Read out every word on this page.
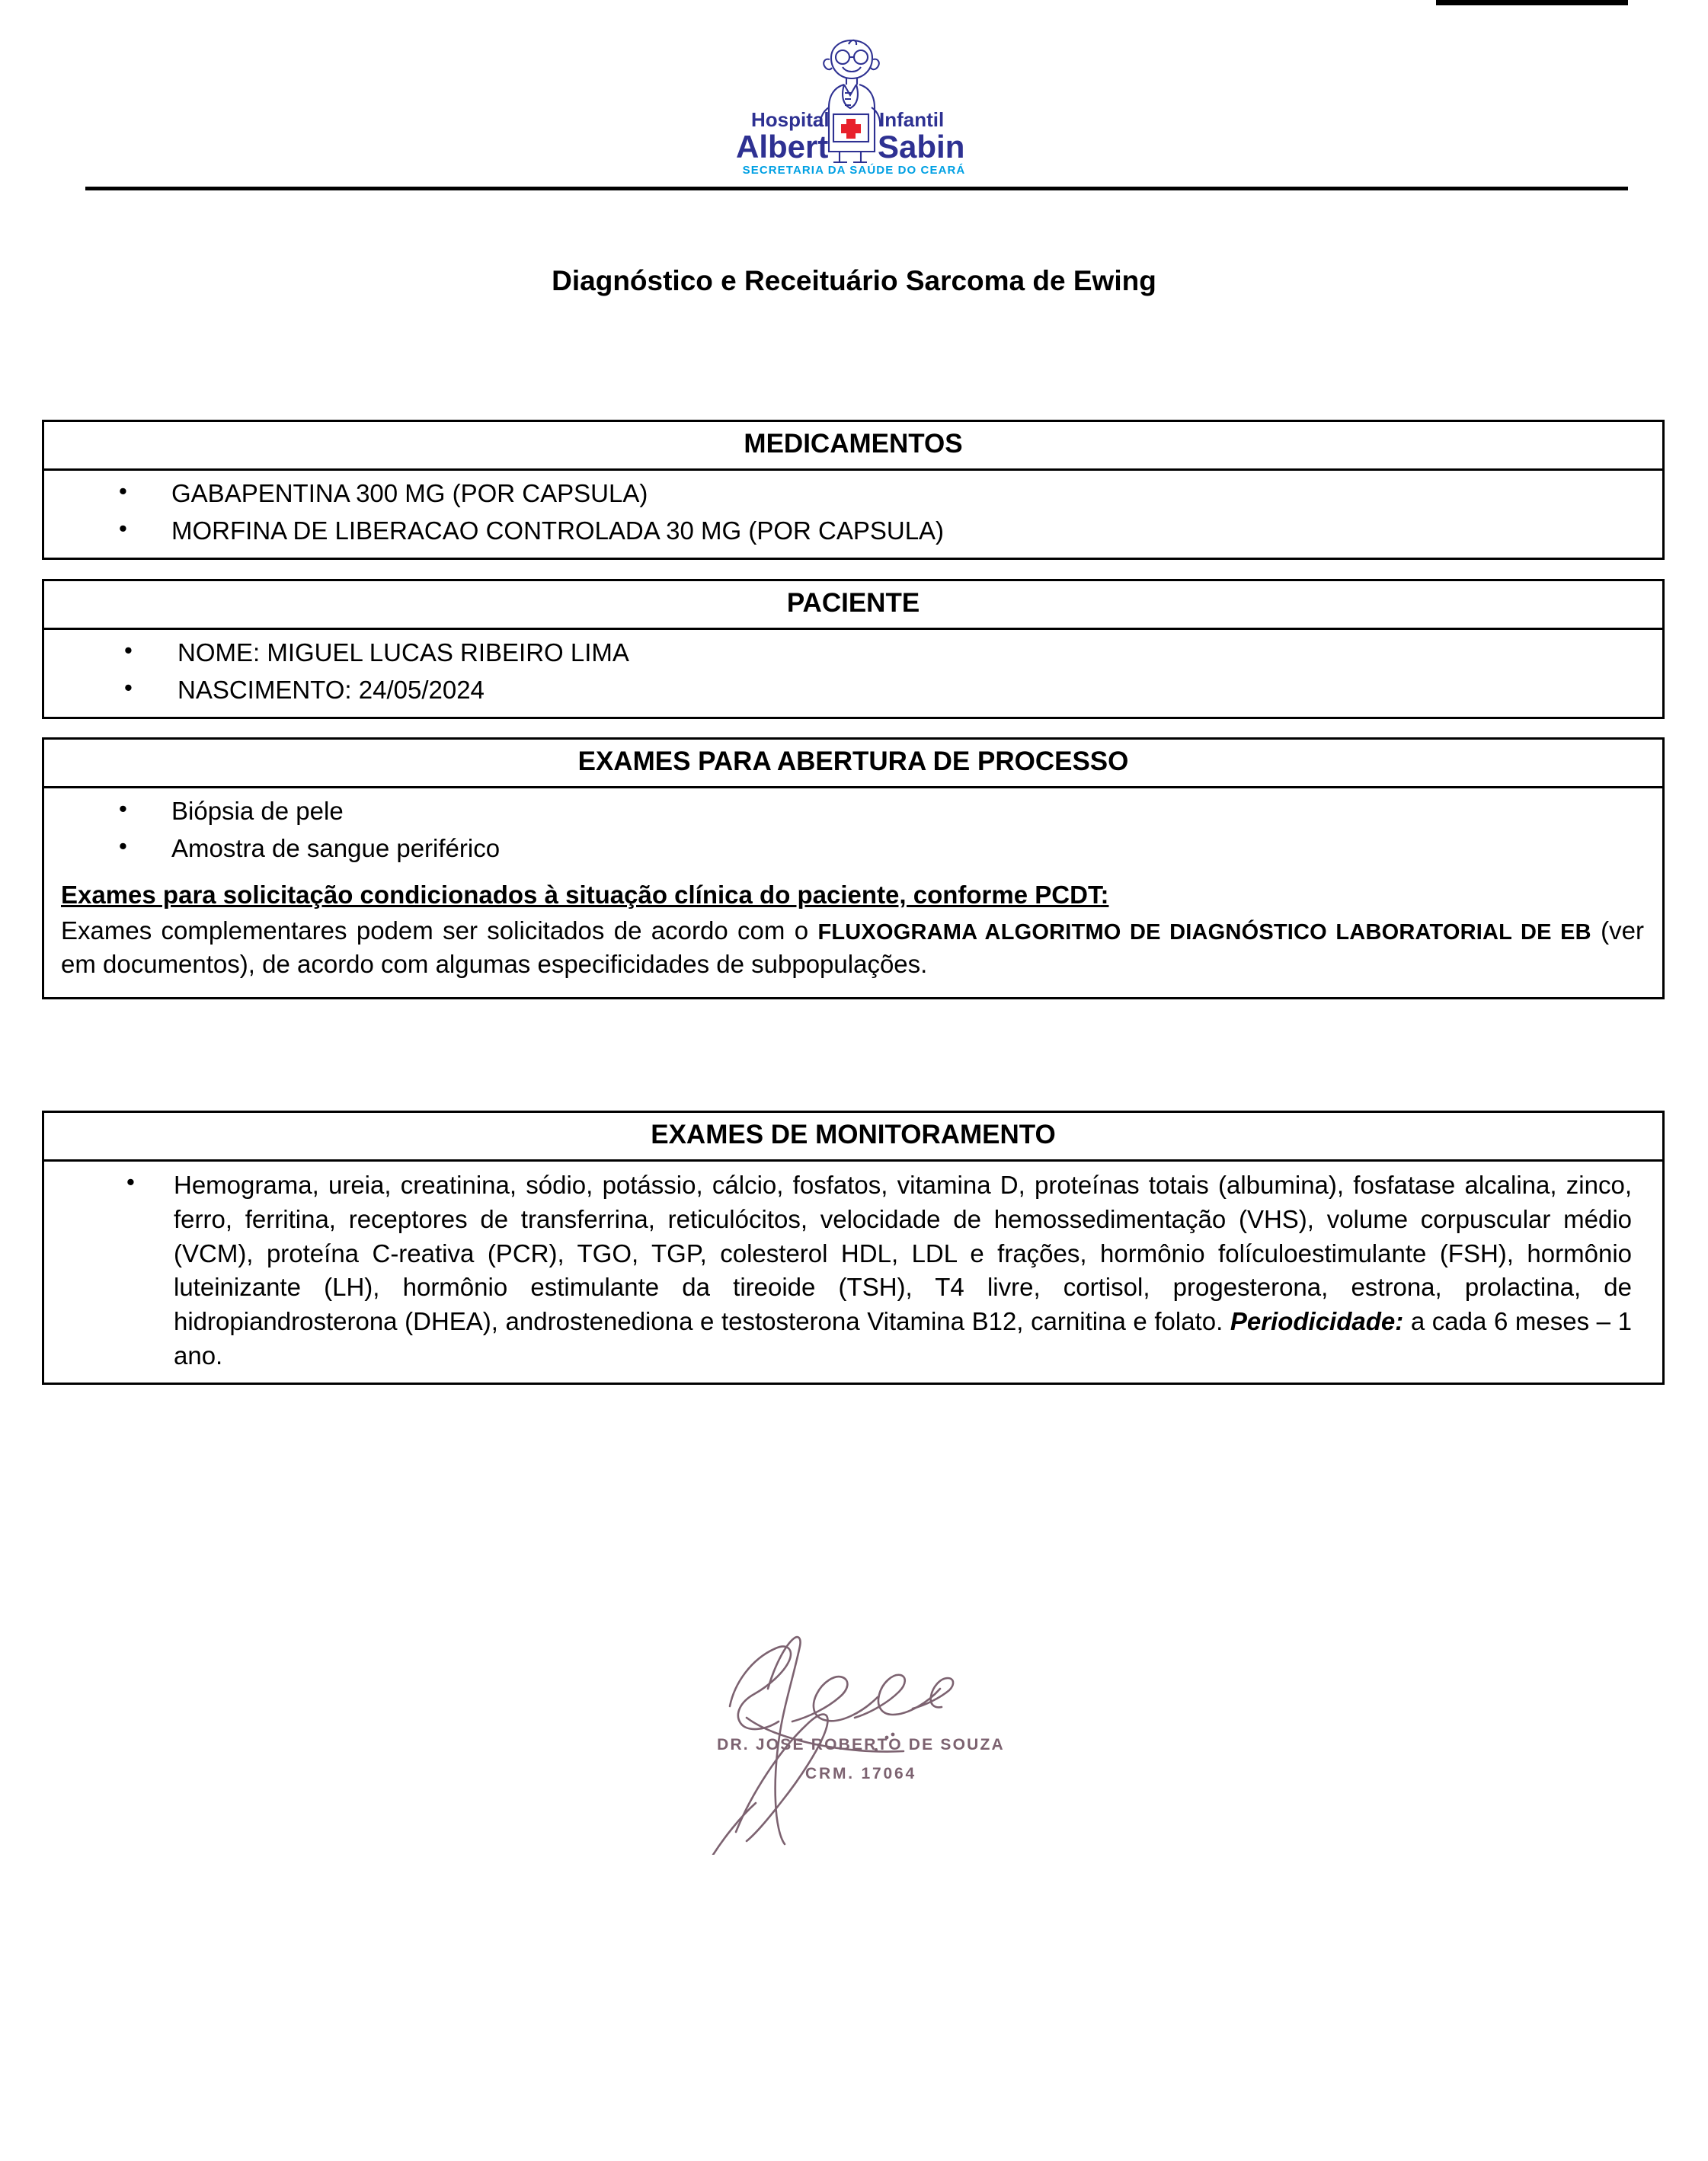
Hospital	Infantil
Albert Sabin
SECRETARIA DA SAÚDE DO CEARÁ
Diagnóstico e Receituário Sarcoma de Ewing
MEDICAMENTOS
• GABAPENTINA 300 MG (POR CAPSULA)
• MORFINA DE LIBERACAO CONTROLADA 30 MG (POR CAPSULA)
PACIENTE
• NOME: MIGUEL LUCAS RIBEIRO LIMA
• NASCIMENTO: 24/05/2024
EXAMES PARA ABERTURA DE PROCESSO
• Biópsia de pele
• Amostra de sangue periférico
Exames para solicitação condicionados à situação clínica do paciente, conforme PCDT:
Exames complementares podem ser solicitados de acordo com o FLUXOGRAMA ALGORITMO DE DIAGNÓSTICO LABORATORIAL DE EB (ver em documentos), de acordo com algumas especificidades de subpopulações.
EXAMES DE MONITORAMENTO
• Hemograma, ureia, creatinina, sódio, potássio, cálcio, fosfatos, vitamina D, proteínas totais (albumina), fosfatase alcalina, zinco, ferro, ferritina, receptores de transferrina, reticulócitos, velocidade de hemossedimentação (VHS), volume corpuscular médio (VCM), proteína C-reativa (PCR), TGO, TGP, colesterol HDL, LDL e frações, hormônio folículoestimulante (FSH), hormônio luteinizante (LH), hormônio estimulante da tireoide (TSH), T4 livre, cortisol, progesterona, estrona, prolactina, de hidropiandrosterona (DHEA), androstenediona e testosterona Vitamina B12, carnitina e folato. Periodicidade: a cada 6 meses – 1 ano.
DR. JOSE ROBERTO DE SOUZA
CRM. 17064
